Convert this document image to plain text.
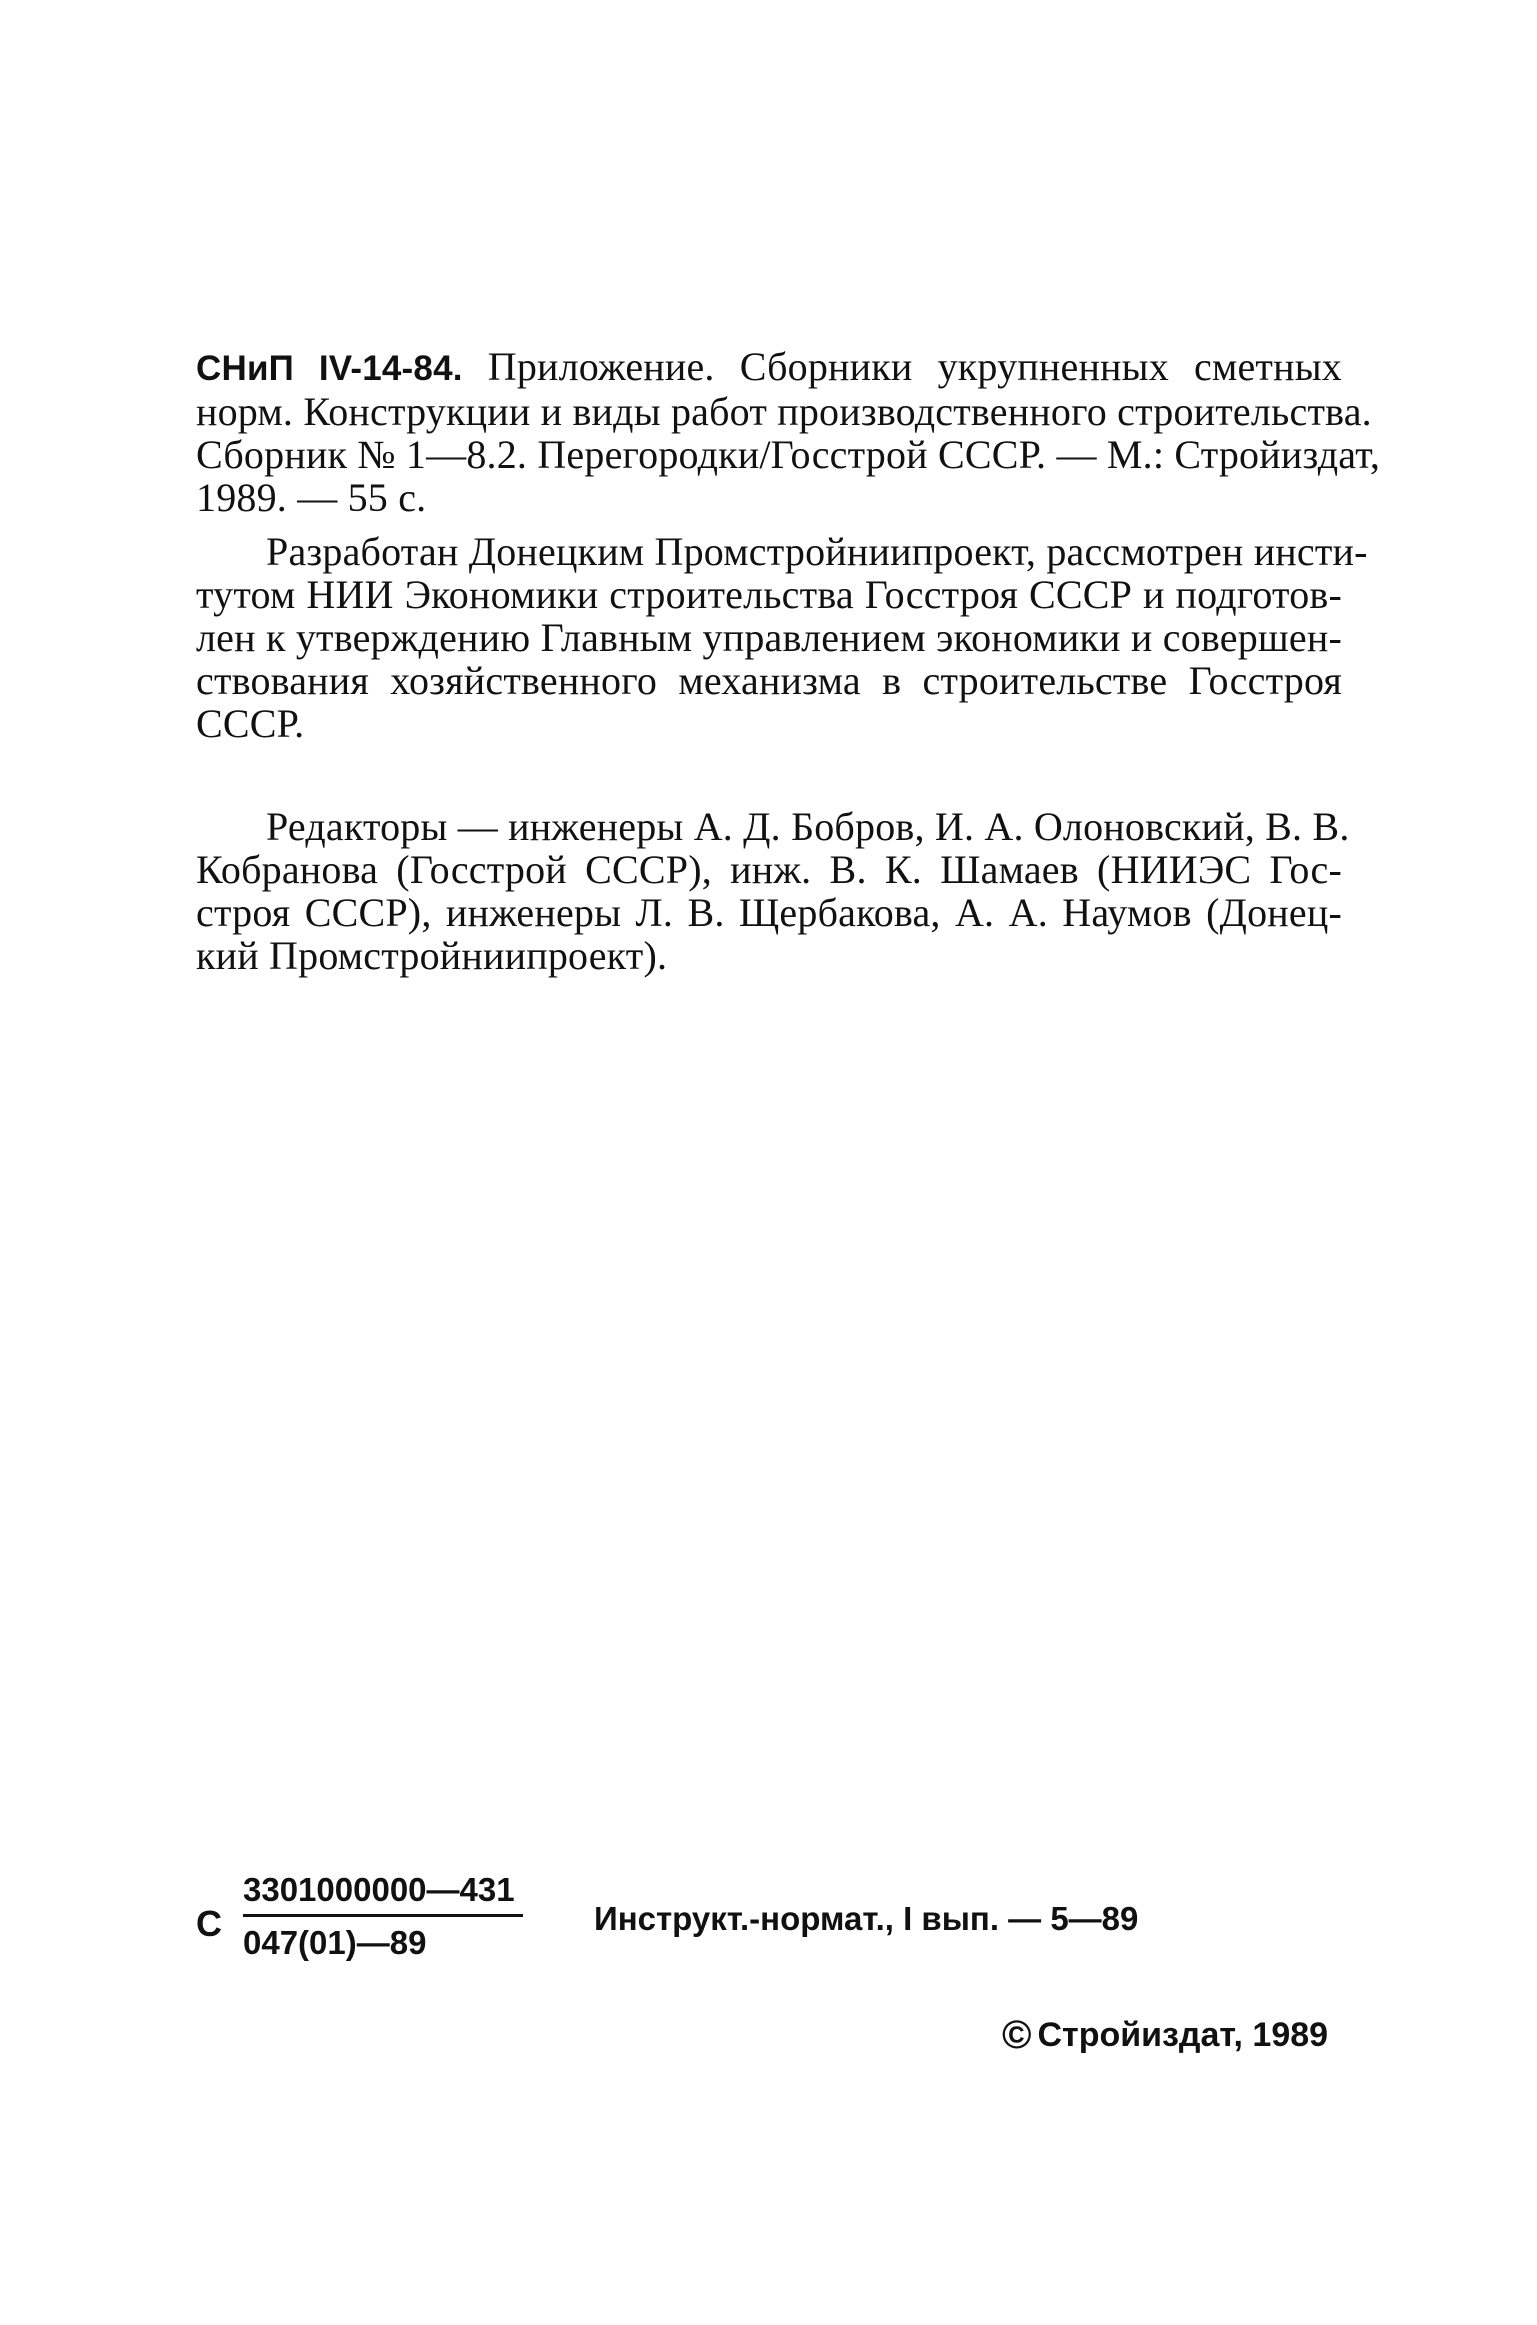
СНиП IV-14-84. Приложение. Сборники укрупненных сметных
норм. Конструкции и виды работ производственного строительства.
Сборник № 1—8.2. Перегородки/Госстрой СССР. — М.: Стройиздат,
1989. — 55 с.
Разработан Донецким Промстройниипроект, рассмотрен инсти-
тутом НИИ Экономики строительства Госстроя СССР и подготов-
лен к утверждению Главным управлением экономики и совершен-
ствования хозяйственного механизма в строительстве Госстроя
СССР.
Редакторы — инженеры А. Д. Бобров, И. А. Олоновский, В. В.
Кобранова (Госстрой СССР), инж. В. К. Шамаев (НИИЭС Гос-
строя СССР), инженеры Л. В. Щербакова, А. А. Наумов (Донец-
кий Промстройниипроект).
С
3301000000—431
047(01)—89
Инструкт.-нормат., I вып. — 5—89
© Стройиздат, 1989
